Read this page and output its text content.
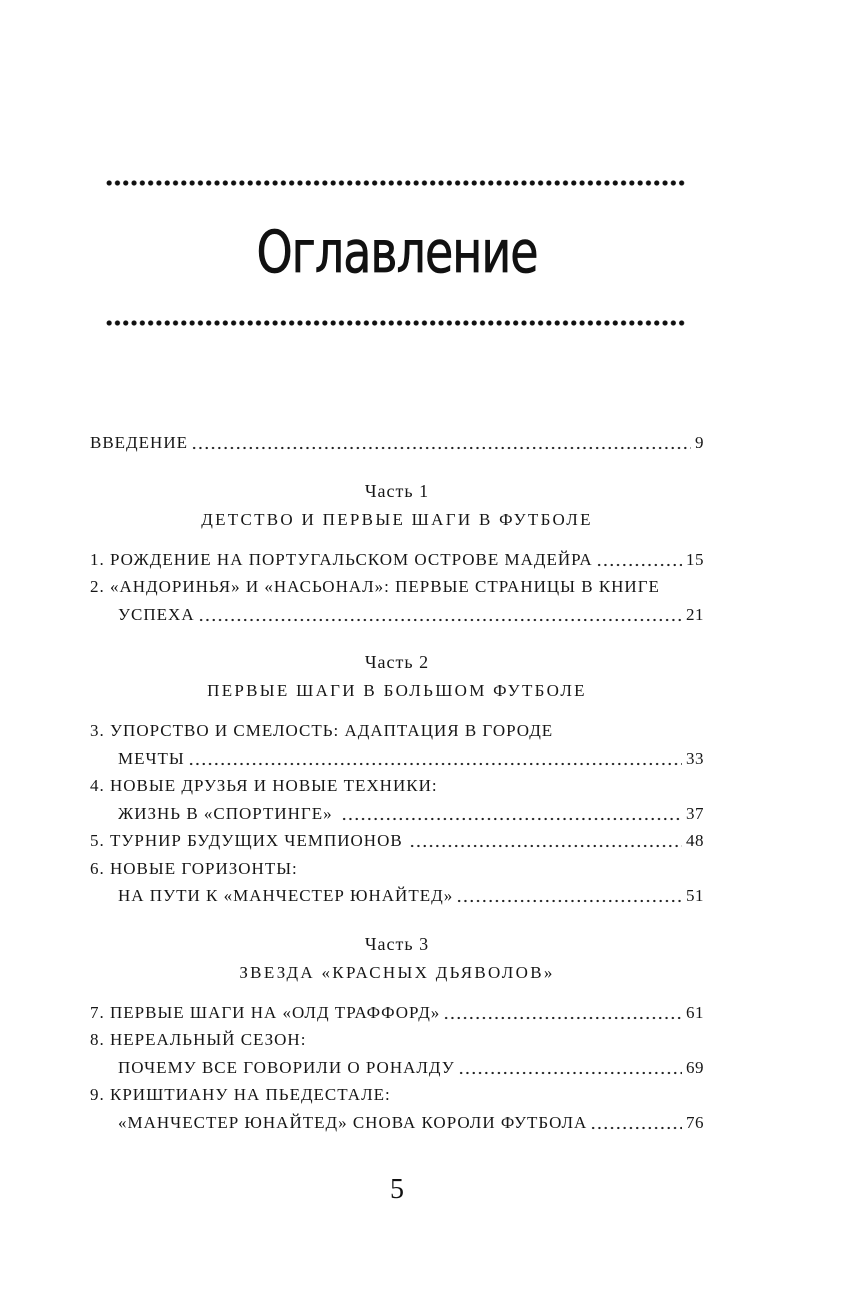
Оглавление
ВВЕДЕНИЕ	9
Часть 1
ДЕТСТВО И ПЕРВЫЕ ШАГИ В ФУТБОЛЕ
1. РОЖДЕНИЕ НА ПОРТУГАЛЬСКОМ ОСТРОВЕ МАДЕЙРА	15
2. «АНДОРИНЬЯ» И «НАСЬОНАЛ»: ПЕРВЫЕ СТРАНИЦЫ В КНИГЕ
УСПЕХА	21
Часть 2
ПЕРВЫЕ ШАГИ В БОЛЬШОМ ФУТБОЛЕ
3. УПОРСТВО И СМЕЛОСТЬ: АДАПТАЦИЯ В ГОРОДЕ
МЕЧТЫ	33
4. НОВЫЕ ДРУЗЬЯ И НОВЫЕ ТЕХНИКИ:
ЖИЗНЬ В «СПОРТИНГЕ»	37
5. ТУРНИР БУДУЩИХ ЧЕМПИОНОВ	48
6. НОВЫЕ ГОРИЗОНТЫ:
НА ПУТИ К «МАНЧЕСТЕР ЮНАЙТЕД»	51
Часть 3
ЗВЕЗДА «КРАСНЫХ ДЬЯВОЛОВ»
7. ПЕРВЫЕ ШАГИ НА «ОЛД ТРАФФОРД»	61
8. НЕРЕАЛЬНЫЙ СЕЗОН:
ПОЧЕМУ ВСЕ ГОВОРИЛИ О РОНАЛДУ	69
9. КРИШТИАНУ НА ПЬЕДЕСТАЛЕ:
«МАНЧЕСТЕР ЮНАЙТЕД» СНОВА КОРОЛИ ФУТБОЛА	76
5
